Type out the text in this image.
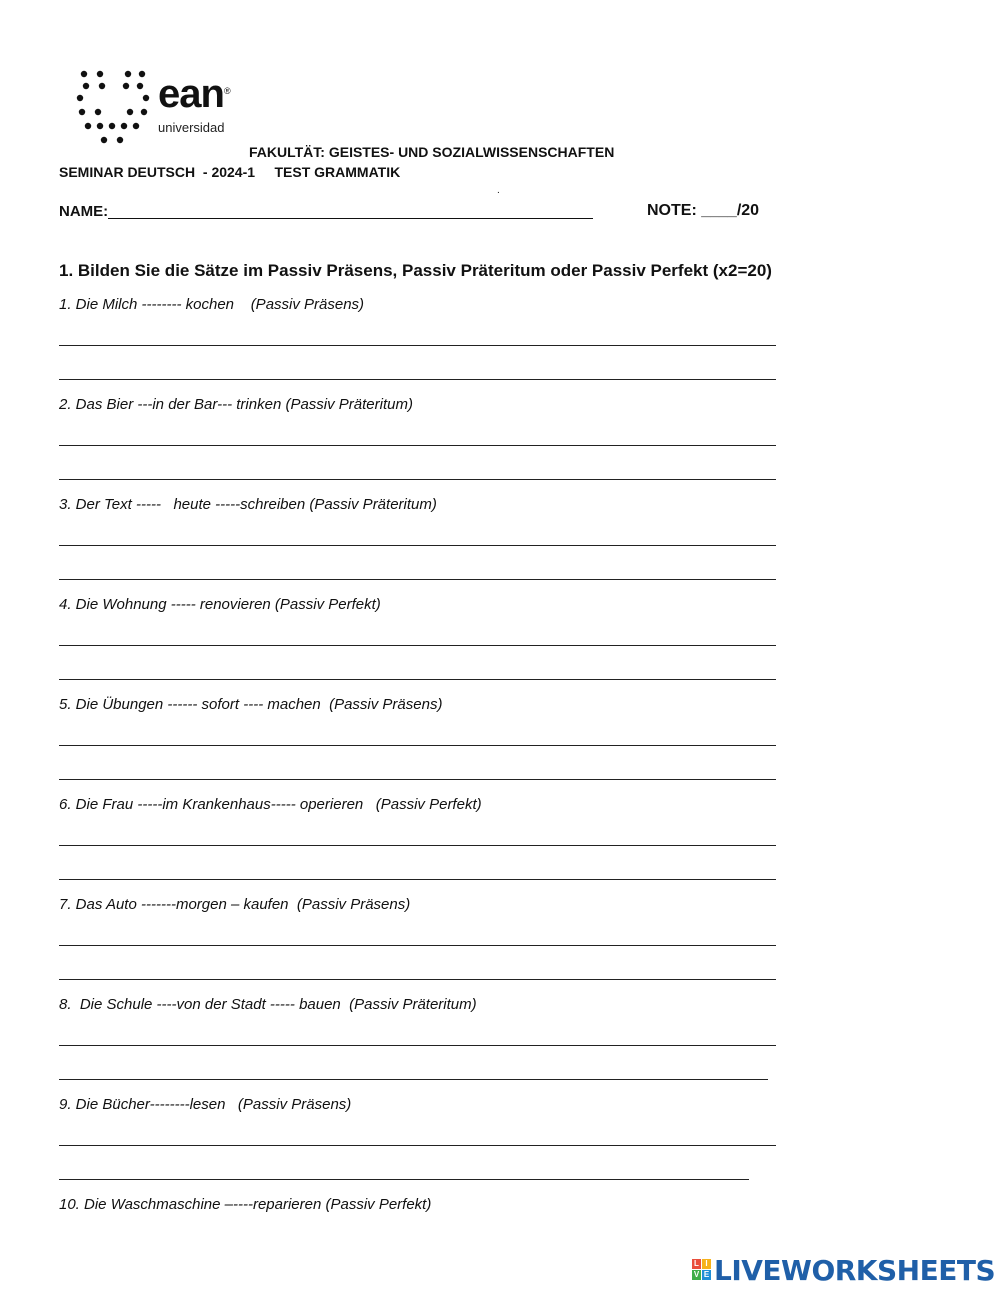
ean ®
universidad
FAKULTÄT: GEISTES- UND SOZIALWISSENSCHAFTEN
SEMINAR DEUTSCH  - 2024-1     TEST GRAMMATIK
.
NAME:	NOTE: ____/20
1. Bilden Sie die Sätze im Passiv Präsens, Passiv Präteritum oder Passiv Perfekt (x2=20)
1. Die Milch -------- kochen    (Passiv Präsens)
2. Das Bier ---in der Bar--- trinken (Passiv Präteritum)
3. Der Text -----   heute -----schreiben (Passiv Präteritum)
4. Die Wohnung ----- renovieren (Passiv Perfekt)
5. Die Übungen ------ sofort ---- machen  (Passiv Präsens)
6. Die Frau -----im Krankenhaus----- operieren   (Passiv Perfekt)
7. Das Auto -------morgen – kaufen  (Passiv Präsens)
8.  Die Schule ----von der Stadt ----- bauen  (Passiv Präteritum)
9. Die Bücher--------lesen   (Passiv Präsens)
10. Die Waschmaschine –----reparieren (Passiv Perfekt)
L I
V E LIVEWORKSHEETS
